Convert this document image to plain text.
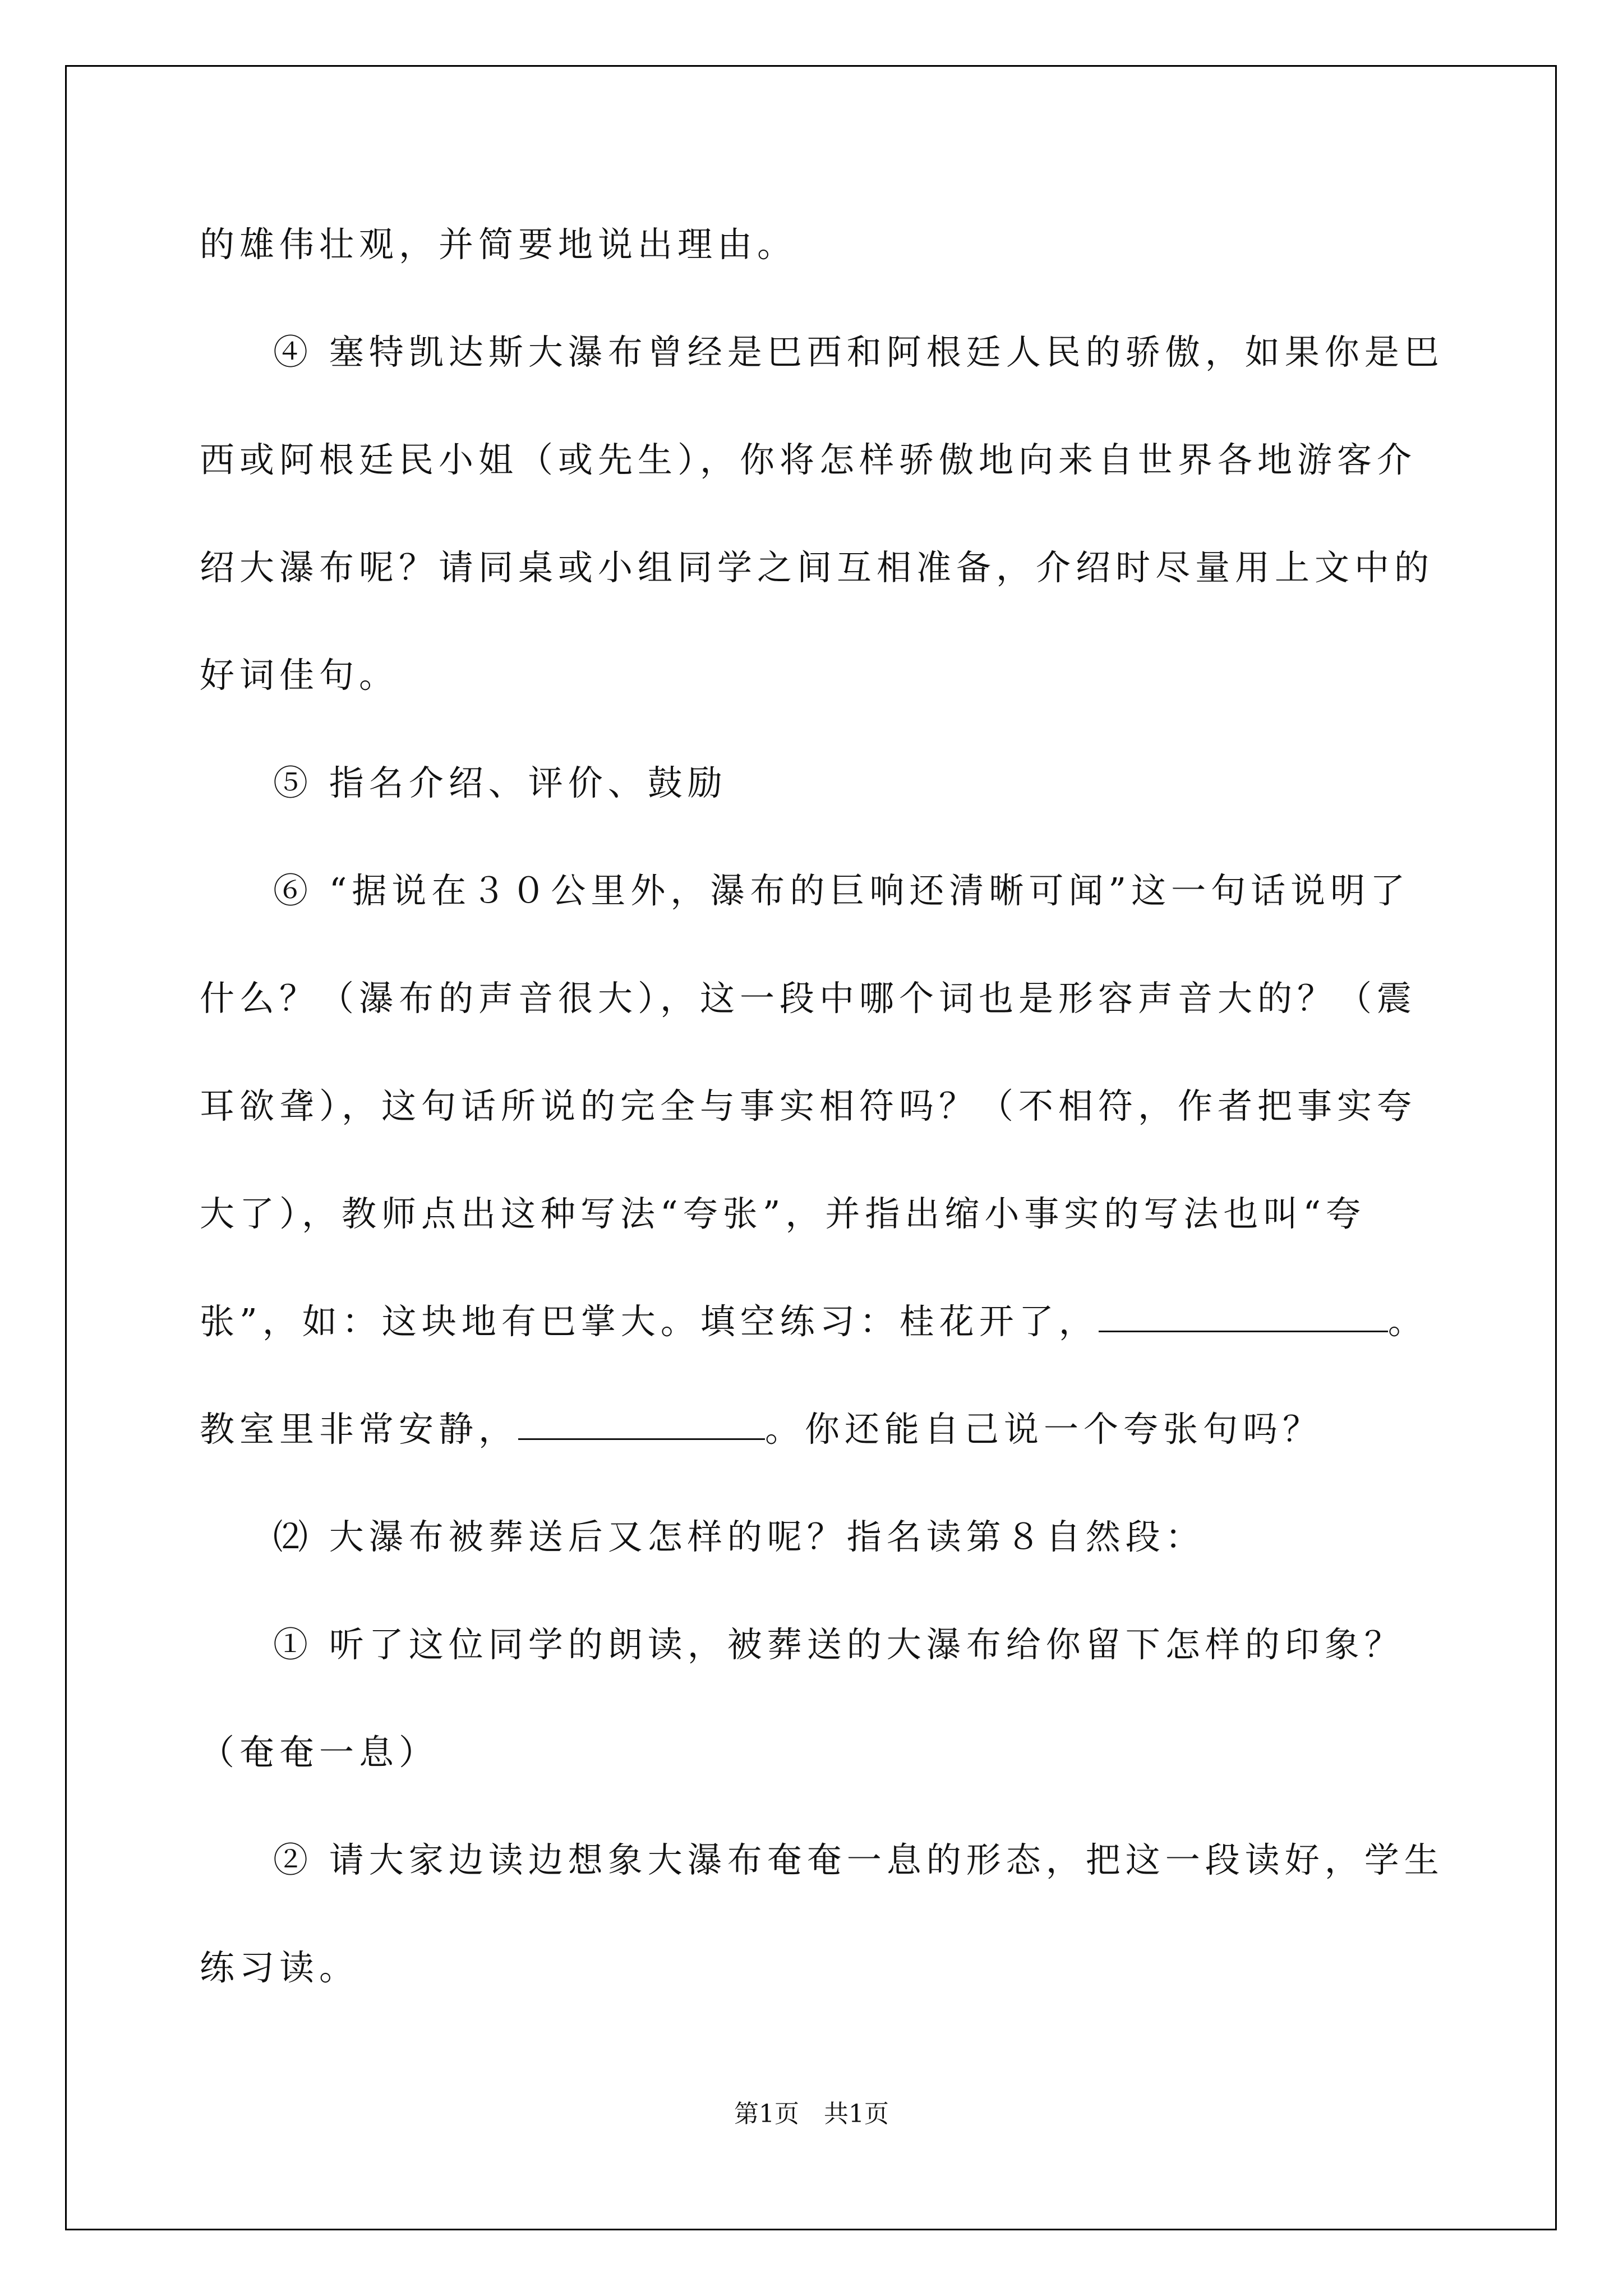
的雄伟壮观，并简要地说出理由。

④ 塞特凯达斯大瀑布曾经是巴西和阿根廷人民的骄傲，如果你是巴西或阿根廷民小姐（或先生），你将怎样骄傲地向来自世界各地游客介绍大瀑布呢？请同桌或小组同学之间互相准备，介绍时尽量用上文中的好词佳句。

⑤ 指名介绍、评价、鼓励

⑥ “据说在３０公里外，瀑布的巨响还清晰可闻”这一句话说明了什么？（瀑布的声音很大），这一段中哪个词也是形容声音大的？（震耳欲聋），这句话所说的完全与事实相符吗？（不相符，作者把事实夸大了），教师点出这种写法“夸张”，并指出缩小事实的写法也叫“夸张”，如：这块地有巴掌大。填空练习：桂花开了，	。教室里非常安静，	。你还能自己说一个夸张句吗？

⑵ 大瀑布被葬送后又怎样的呢？指名读第８自然段：

① 听了这位同学的朗读，被葬送的大瀑布给你留下怎样的印象？（奄奄一息）

② 请大家边读边想象大瀑布奄奄一息的形态，把这一段读好，学生练习读。

第1页　共1页
